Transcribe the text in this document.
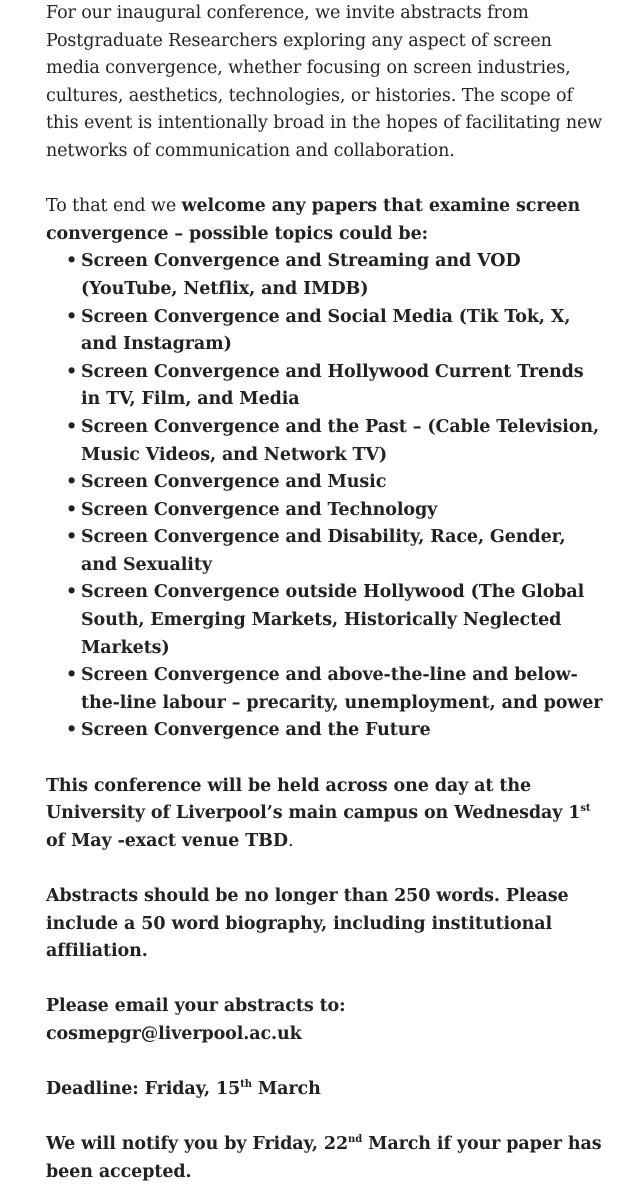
For our inaugural conference, we invite abstracts from Postgraduate Researchers exploring any aspect of screen media convergence, whether focusing on screen industries, cultures, aesthetics, technologies, or histories. The scope of this event is intentionally broad in the hopes of facilitating new networks of communication and collaboration.

To that end we welcome any papers that examine screen convergence – possible topics could be:

• Screen Convergence and Streaming and VOD (YouTube, Netflix, and IMDB)
• Screen Convergence and Social Media (Tik Tok, X, and Instagram)
• Screen Convergence and Hollywood Current Trends in TV, Film, and Media
• Screen Convergence and the Past – (Cable Television, Music Videos, and Network TV)
• Screen Convergence and Music
• Screen Convergence and Technology
• Screen Convergence and Disability, Race, Gender, and Sexuality
• Screen Convergence outside Hollywood (The Global South, Emerging Markets, Historically Neglected Markets)
• Screen Convergence and above-the-line and below-the-line labour – precarity, unemployment, and power
• Screen Convergence and the Future

This conference will be held across one day at the University of Liverpool’s main campus on Wednesday 1st of May -exact venue TBD.

Abstracts should be no longer than 250 words. Please include a 50 word biography, including institutional affiliation.

Please email your abstracts to: cosmepgr@liverpool.ac.uk

Deadline: Friday, 15th March

We will notify you by Friday, 22nd March if your paper has been accepted.
